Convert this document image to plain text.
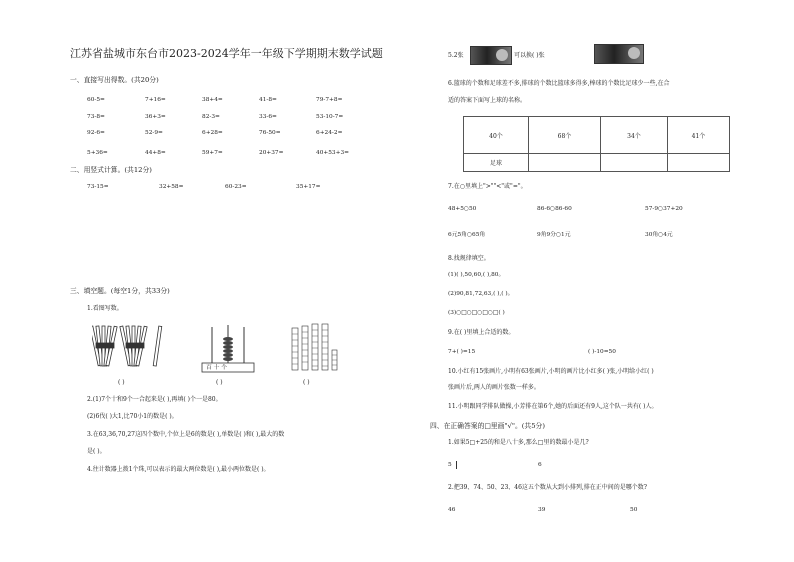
江苏省盐城市东台市2023-2024学年一年级下学期期末数学试题
一、直接写出得数。(共20分)
60-5=	7+16=	38+4=	41-8=	79-7+8=
73-8=	36+3=	82-3=	33-6=	53-10-7=
92-6=	52-9=	6+28=	76-50=	6+24-2=
5+36=	44+8=	59+7=	20+37=	40+53+3=
二、用竖式计算。(共12分)
73-15=	32+58=	60-23=	35+17=
三、填空题。(每空1分，共33分)
1.看图写数。
( )
百 十 个
( )	( )
2.(1)7个十和9个一合起来是( ),再填( )个一是80。
(2)6伐( )大1,比70小1的数是( )。
3.在63,36,70,27这四个数中,个位上是6的数是( ),单数是( )和( ),最大的数
是( )。
4.往计数器上拨1个珠,可以表示的最大两位数是( ),最小两位数是( )。
5.2张	可以换( )张
6.篮球的个数和足球差不多,排球的个数比篮球多得多,棒球的个数比足球少一些,在合
适的答案下面写上球的名称。
40个	68个	34个	41个
足球			
7.在○里填上">""<"或"="。
48+5○50	86-6○86-60	57-9○37+20
6元5角○65角	9角9分○1元	30角○4元
8.找规律填空。
(1)( ),50,60,( ),80。
(2)90,81,72,63,( ),( )。
(3)○□○□○□○□( )
9.在( )里填上合适的数。
7+( )=15	( )-10=50
10.小红有15张画片,小明有63张画片,小明的画片比小红多( )张,小明给小红( )
张画片后,两人的画片张数一样多。
11.小明跟同学排队做操,小芳排在第6个,她的后面还有9人,这个队一共有( )人。
四、在正确答案的□里画"√"。(共5分)
1.如果5□+25的和是八十多,那么□里的数最小是几?
5	6
2.把39、74、50、23、46这五个数从大到小排列,排在正中间的是哪个数?
46	39	50
